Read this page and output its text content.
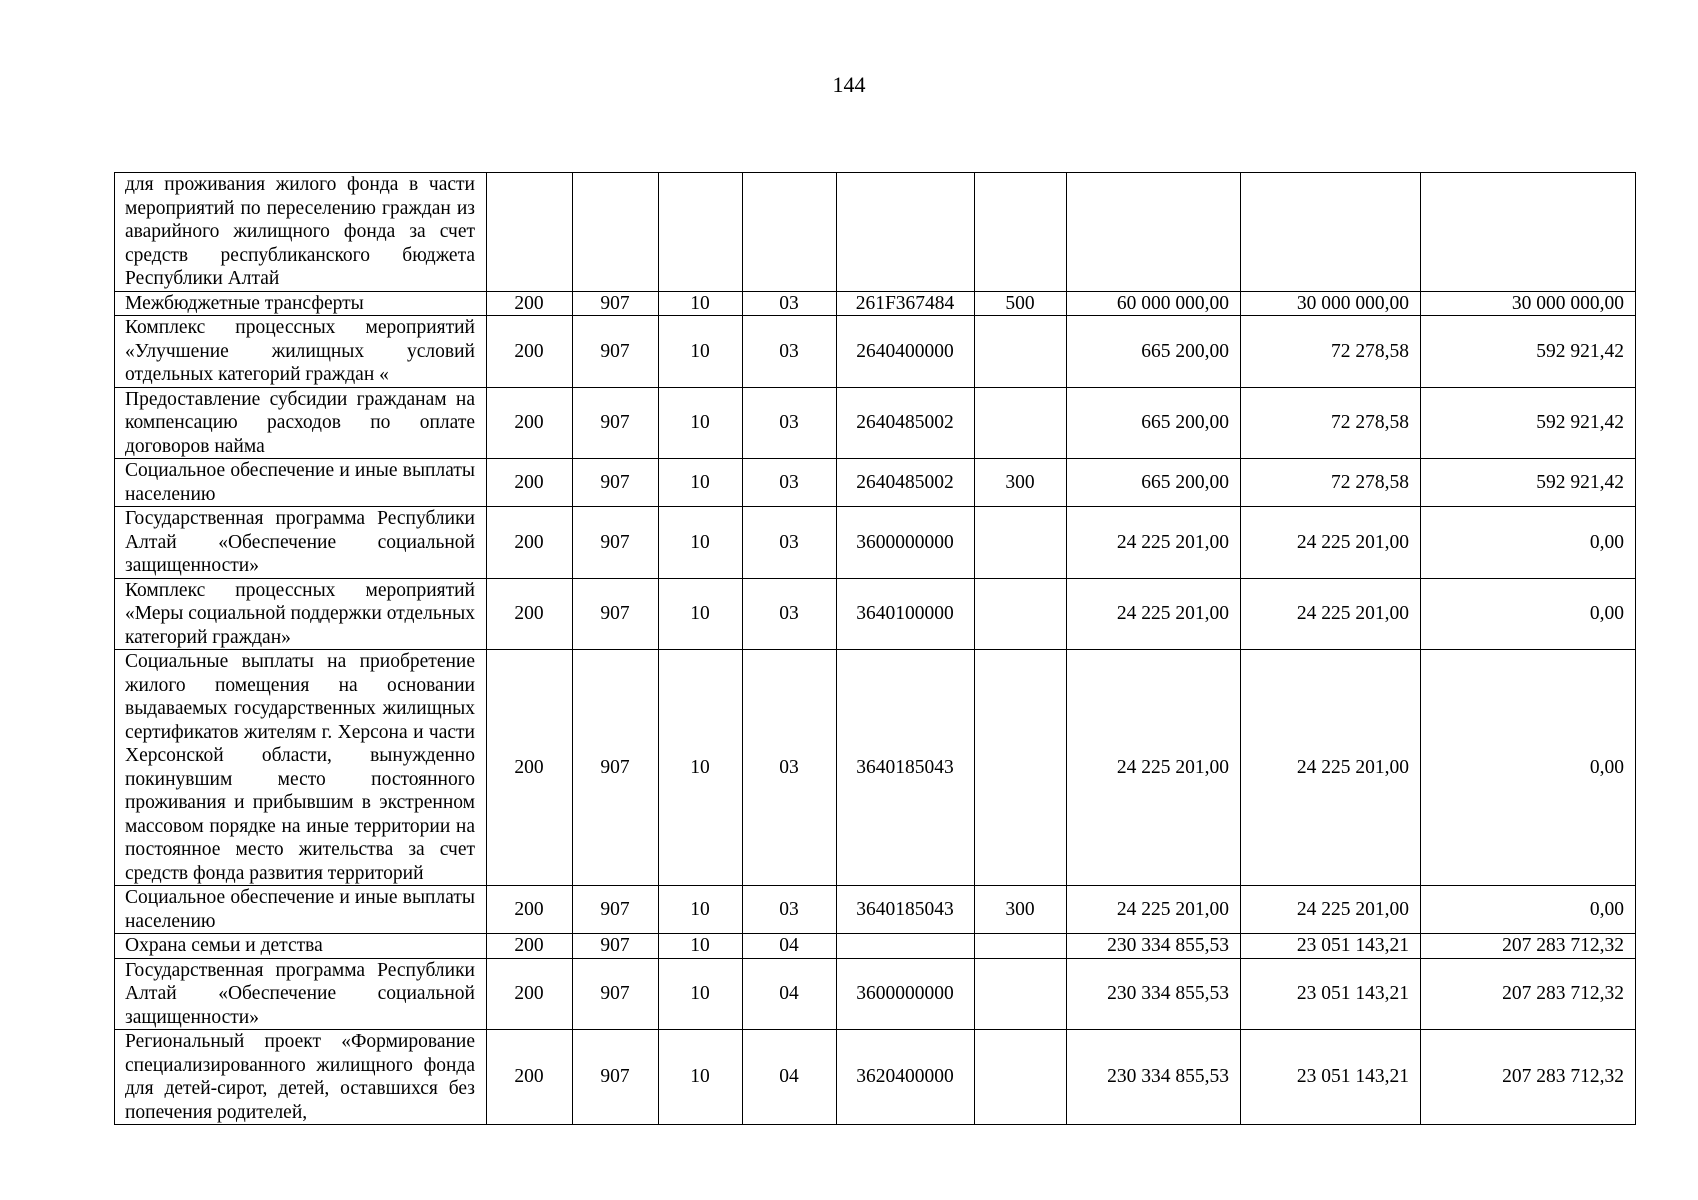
144
для проживания жилого фонда в части мероприятий по переселению граждан из аварийного жилищного фонда за счет средств республиканского бюджета Республики Алтай									
Межбюджетные трансферты	200	907	10	03	261F367484	500	60 000 000,00	30 000 000,00	30 000 000,00
Комплекс процессных мероприятий «Улучшение жилищных условий отдельных категорий граждан «	200	907	10	03	2640400000		665 200,00	72 278,58	592 921,42
Предоставление субсидии гражданам на компенсацию расходов по оплате договоров найма	200	907	10	03	2640485002		665 200,00	72 278,58	592 921,42
Социальное обеспечение и иные выплаты населению	200	907	10	03	2640485002	300	665 200,00	72 278,58	592 921,42
Государственная программа Республики Алтай «Обеспечение социальной защищенности»	200	907	10	03	3600000000		24 225 201,00	24 225 201,00	0,00
Комплекс процессных мероприятий «Меры социальной поддержки отдельных категорий граждан»	200	907	10	03	3640100000		24 225 201,00	24 225 201,00	0,00
Социальные выплаты на приобретение жилого помещения на основании выдаваемых государственных жилищных сертификатов жителям г. Херсона и части Херсонской области, вынужденно покинувшим место постоянного проживания и прибывшим в экстренном массовом порядке на иные территории на постоянное место жительства за счет средств фонда развития территорий	200	907	10	03	3640185043		24 225 201,00	24 225 201,00	0,00
Социальное обеспечение и иные выплаты населению	200	907	10	03	3640185043	300	24 225 201,00	24 225 201,00	0,00
Охрана семьи и детства	200	907	10	04			230 334 855,53	23 051 143,21	207 283 712,32
Государственная программа Республики Алтай «Обеспечение социальной защищенности»	200	907	10	04	3600000000		230 334 855,53	23 051 143,21	207 283 712,32
Региональный проект «Формирование специализированного жилищного фонда для детей-сирот, детей, оставшихся без попечения родителей,	200	907	10	04	3620400000		230 334 855,53	23 051 143,21	207 283 712,32
